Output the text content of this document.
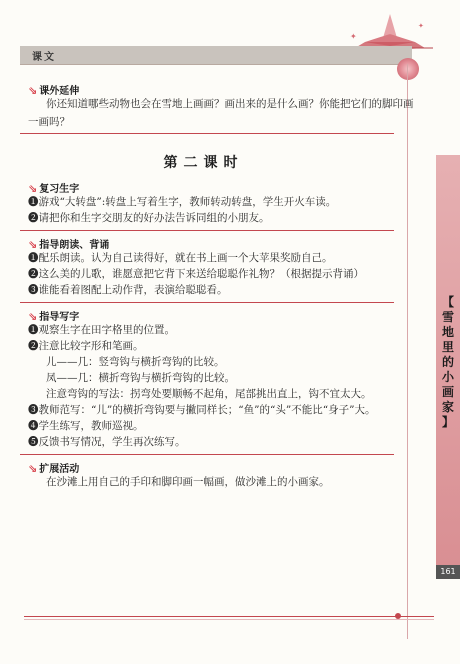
✦
✦
课文
⇘ 课外延伸
你还知道哪些动物也会在雪地上画画？画出来的是什么画？你能把它们的脚印画
一画吗？
第二课时
⇘ 复习生字
❶游戏“大转盘”:转盘上写着生字，教师转动转盘，学生开火车读。
❷请把你和生字交朋友的好办法告诉同组的小朋友。
⇘ 指导朗读、背诵
❶配乐朗读。认为自己读得好，就在书上画一个大苹果奖励自己。
❷这么美的儿歌，谁愿意把它背下来送给聪聪作礼物？（根据提示背诵）
❸谁能看着图配上动作背，表演给聪聪看。
⇘ 指导写字
❶观察生字在田字格里的位置。
❷注意比较字形和笔画。
儿——几：竖弯钩与横折弯钩的比较。
凤——几：横折弯钩与横折弯钩的比较。
注意弯钩的写法：拐弯处要顺畅不起角，尾部挑出直上，钩不宜太大。
❸教师范写：“儿”的横折弯钩要与撇同样长；“鱼”的“头”不能比“身子”大。
❹学生练写，教师巡视。
❺反馈书写情况，学生再次练写。
⇘ 扩展活动
在沙滩上用自己的手印和脚印画一幅画，做沙滩上的小画家。
【
雪
地
里
的
小
画
家
】
161
